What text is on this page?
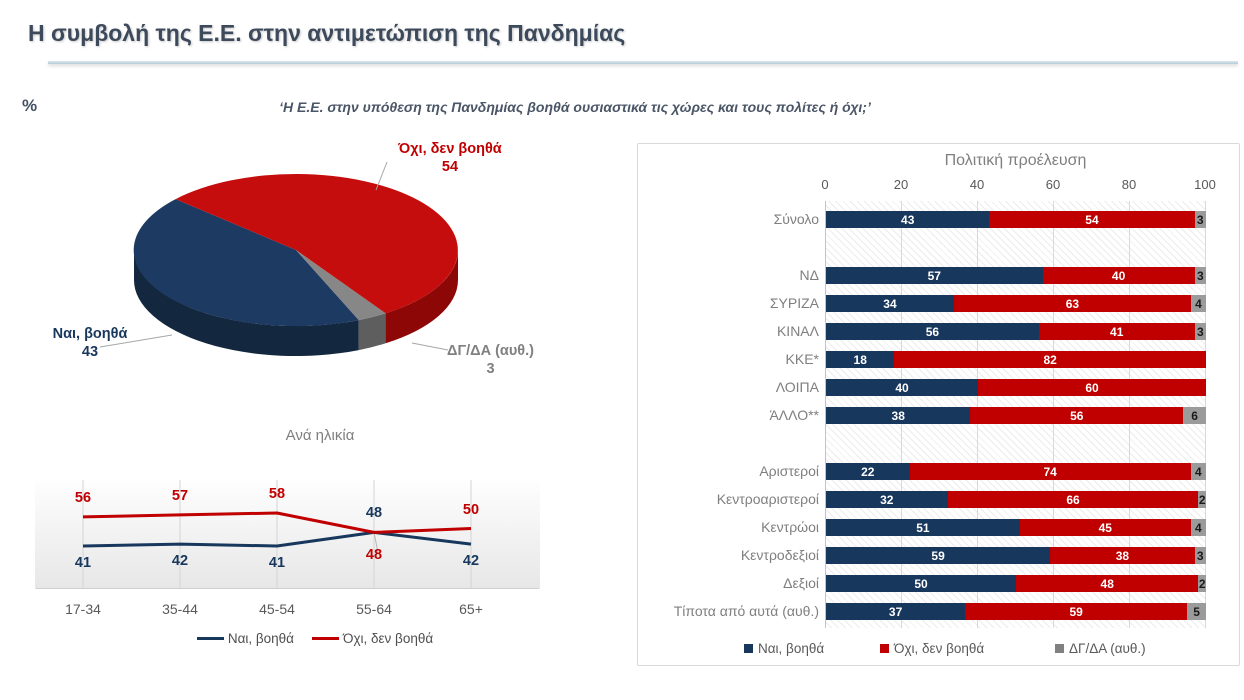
Η συμβολή της Ε.Ε. στην αντιμετώπιση της Πανδημίας
%	‘Η Ε.Ε. στην υπόθεση της Πανδημίας βοηθά ουσιαστικά τις χώρες και τους πολίτες ή όχι;’
Όχι, δεν βοηθά
54
Ναι, βοηθά
43	ΔΓ/ΔΑ (αυθ.)
3
Ανά ηλικία
41	42	41
48
42
56	57	58
48
50
17-34	35-44	45-54	55-64	65+
Ναι, βοηθά	Όχι, δεν βοηθά
Πολιτική προέλευση
Σύνολο	43	54	3
ΝΔ	57	40	3
ΣΥΡΙΖΑ	34	63	4
ΚΙΝΑΛ	56	41	3
ΚΚΕ*	18	82
ΛΟΙΠΑ	40	60
ΆΛΛΟ**	38	56	6
Αριστεροί	22	74	4
Κεντροαριστεροί	32	66	2
Κεντρώοι	51	45	4
Κεντροδεξιοί	59	38	3
Δεξιοί	50	48	2
Τίποτα από αυτά (αυθ.)	37	59	5
Ναι, βοηθά	Όχι, δεν βοηθά	ΔΓ/ΔΑ (αυθ.)
0	20	40	60	80	100
